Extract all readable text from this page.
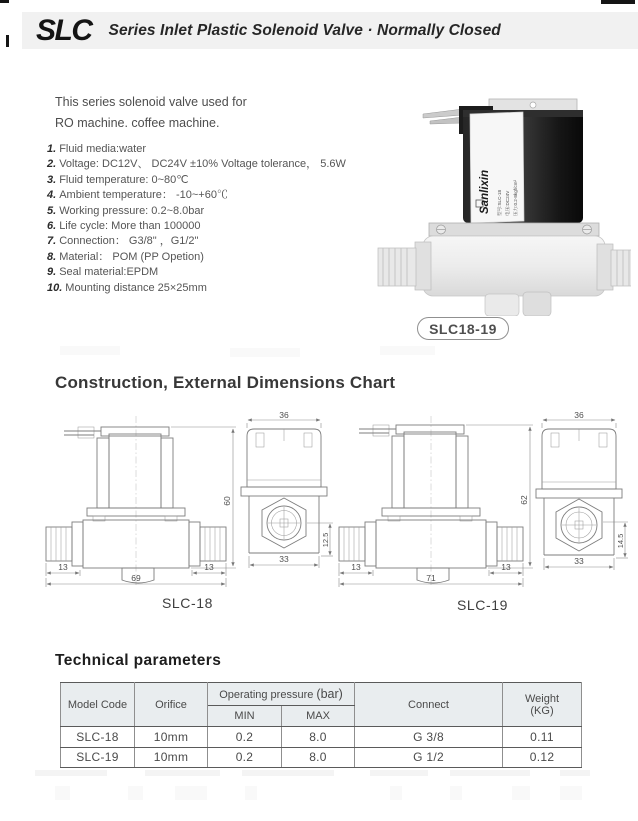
SLC Series Inlet Plastic Solenoid Valve · Normally Closed
This series solenoid valve used for
RO machine. coffee machine.
1. Fluid media:water
2. Voltage: DC12V、 DC24V ±10% Voltage tolerance， 5.6W
3. Fluid temperature: 0~80℃
4. Ambient temperature： -10~+60℃
5. Working pressure: 0.2~8.0bar
6. Life cycle: More than 100000
7. Connection： G3/8" ，G1/2"
8. Material： POM (PP Opetion)
9. Seal material:EPDM
10. Mounting distance 25×25mm
Sanlixin 型号:SLC-18 电压:DC24V 压力:0.2-8kgf/cm²
SLC18-19
Construction, External Dimensions Chart
60
13	13
69
36
12.5
33
SLC-18
62
13	13
71
36
14.5
33
SLC-19
Technical parameters
Model Code	Orifice	Operating pressure (bar)		Connect	Weight
(KG)

		MIN	MAX		
SLC-18	10mm	0.2	8.0	G 3/8	0.11
SLC-19	10mm	0.2	8.0	G 1/2	0.12
